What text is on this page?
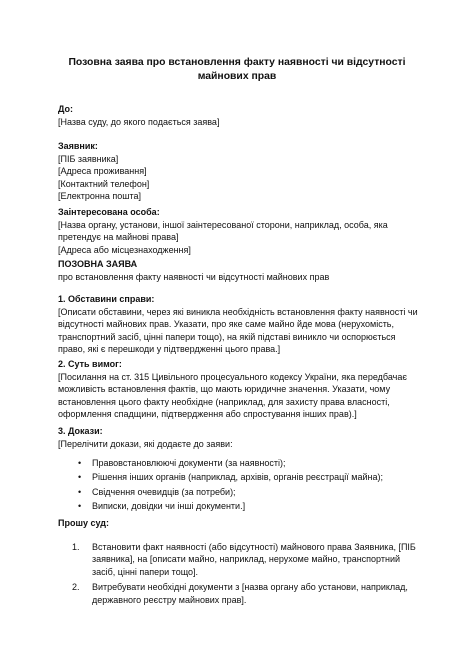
Позовна заява про встановлення факту наявності чи відсутності майнових прав
До:
[Назва суду, до якого подається заява]
Заявник:
[ПІБ заявника]
[Адреса проживання]
[Контактний телефон]
[Електронна пошта]
Заінтересована особа:
[Назва органу, установи, іншої заінтересованої сторони, наприклад, особа, яка претендує на майнові права]
[Адреса або місцезнаходження]
ПОЗОВНА ЗАЯВА
про встановлення факту наявності чи відсутності майнових прав
1. Обставини справи:
[Опиcати обставини, через які виникла необхідність встановлення факту наявності чи відсутності майнових прав. Указати, про яке саме майно йде мова (нерухомість, транспортний засіб, цінні папери тощо), на якій підставі виникло чи оспорюється право, які є перешкоди у підтвердженні цього права.]
2. Суть вимог:
[Посилання на ст. 315 Цивільного процесуального кодексу України, яка передбачає можливість встановлення фактів, що мають юридичне значення. Указати, чому встановлення цього факту необхідне (наприклад, для захисту права власності, оформлення спадщини, підтвердження або спростування інших прав).]
3. Докази:
[Перелічити докази, які додаєте до заяви:
• Правовстановлюючі документи (за наявності);
• Рішення інших органів (наприклад, архівів, органів реєстрації майна);
• Свідчення очевидців (за потреби);
• Виписки, довідки чи інші документи.]
Прошу суд:
1. Встановити факт наявності (або відсутності) майнового права Заявника, [ПІБ заявника], на [описати майно, наприклад, нерухоме майно, транспортний засіб, цінні папери тощо].
2. Витребувати необхідні документи з [назва органу або установи, наприклад, державного реєстру майнових прав].
